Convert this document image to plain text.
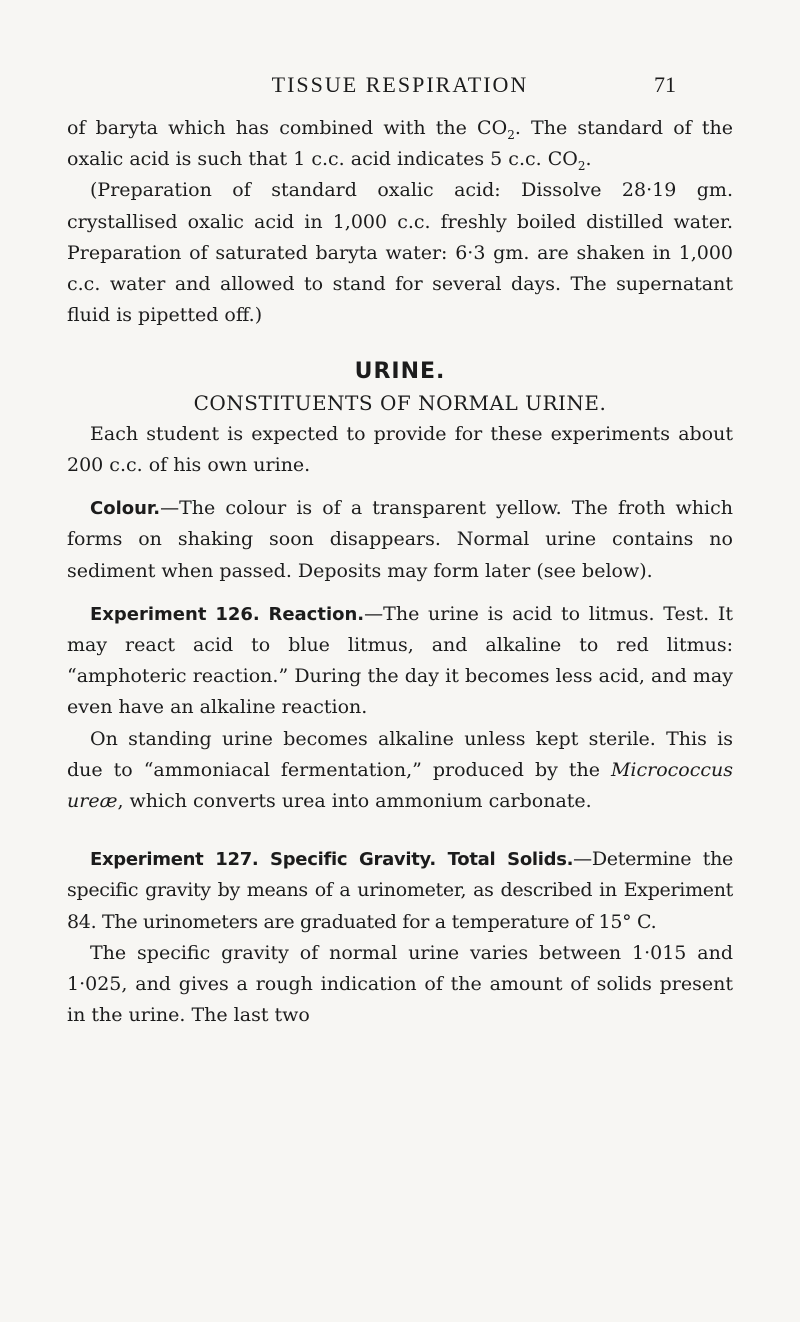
TISSUE RESPIRATION	71

of baryta which has combined with the $CO_2$. The standard of the oxalic acid is such that 1 c.c. acid indicates 5 c.c. $CO_2$.

(Preparation of standard oxalic acid: Dissolve 28·19 gm. crystallised oxalic acid in 1,000 c.c. freshly boiled distilled water. Preparation of saturated baryta water: 6·3 gm. are shaken in 1,000 c.c. water and allowed to stand for several days. The supernatant fluid is pipetted off.)

URINE.

CONSTITUENTS OF NORMAL URINE.

Each student is expected to provide for these experiments about 200 c.c. of his own urine.

Colour.—The colour is of a transparent yellow. The froth which forms on shaking soon disappears. Normal urine contains no sediment when passed. Deposits may form later (see below).

Experiment 126. Reaction.—The urine is acid to litmus. Test. It may react acid to blue litmus, and alkaline to red litmus: “amphoteric reaction.” During the day it becomes less acid, and may even have an alkaline reaction.

On standing urine becomes alkaline unless kept sterile. This is due to “ammoniacal fermentation,” produced by the Micrococcus ureæ, which converts urea into ammonium carbonate.

Experiment 127. Specific Gravity. Total Solids.—Determine the specific gravity by means of a urinometer, as described in Experiment 84. The urinometers are graduated for a temperature of 15° C.

The specific gravity of normal urine varies between 1·015 and 1·025, and gives a rough indication of the amount of solids present in the urine. The last two
